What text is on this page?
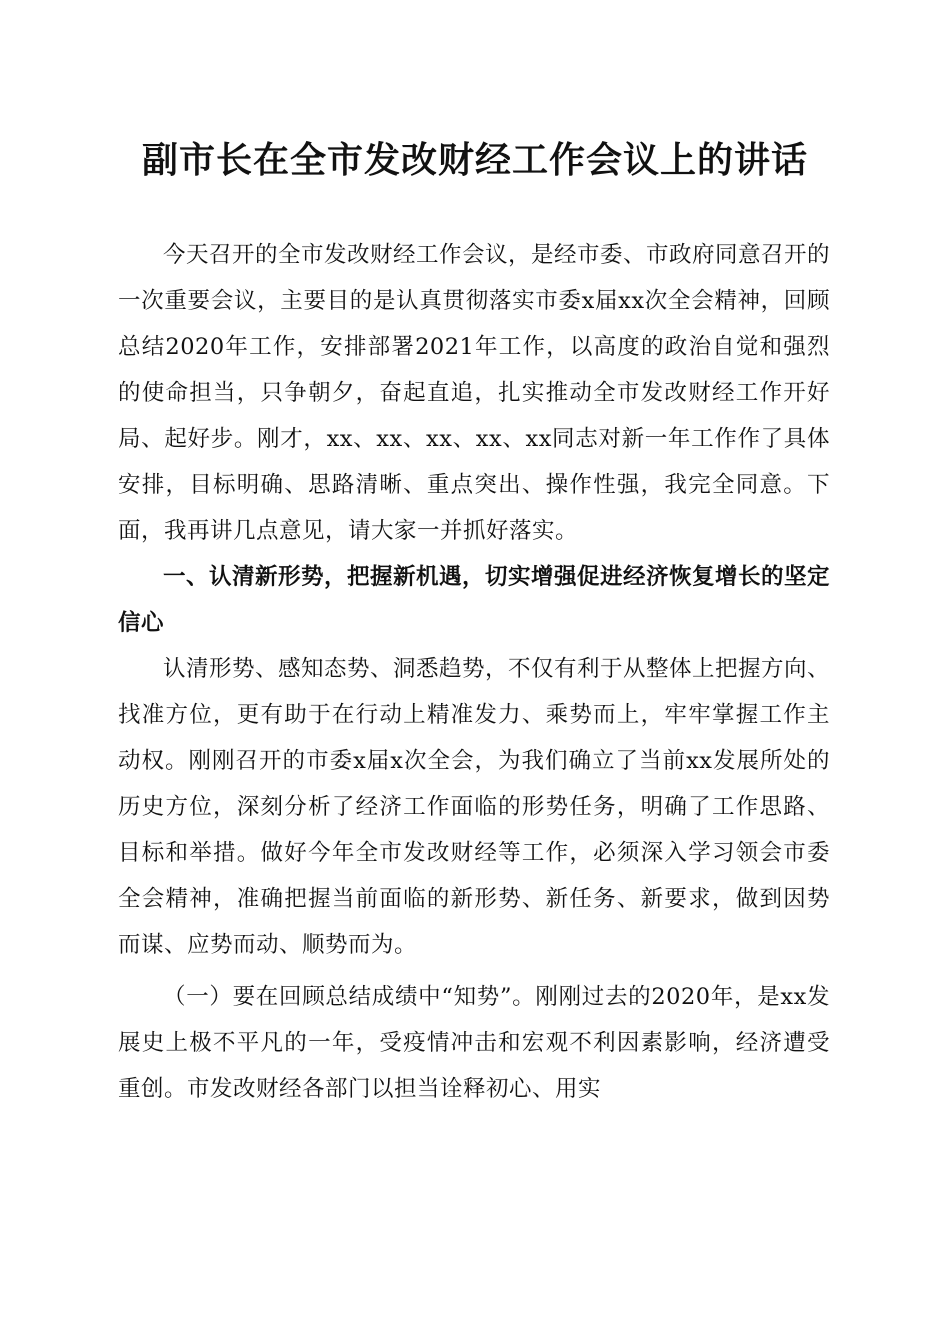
副市长在全市发改财经工作会议上的讲话

今天召开的全市发改财经工作会议，是经市委、市政府同意召开的一次重要会议，主要目的是认真贯彻落实市委x届xx次全会精神，回顾总结2020年工作，安排部署2021年工作，以高度的政治自觉和强烈的使命担当，只争朝夕，奋起直追，扎实推动全市发改财经工作开好局、起好步。刚才，xx、xx、xx、xx、xx同志对新一年工作作了具体安排，目标明确、思路清晰、重点突出、操作性强，我完全同意。下面，我再讲几点意见，请大家一并抓好落实。

一、认清新形势，把握新机遇，切实增强促进经济恢复增长的坚定信心

认清形势、感知态势、洞悉趋势，不仅有利于从整体上把握方向、找准方位，更有助于在行动上精准发力、乘势而上，牢牢掌握工作主动权。刚刚召开的市委x届x次全会，为我们确立了当前xx发展所处的历史方位，深刻分析了经济工作面临的形势任务，明确了工作思路、目标和举措。做好今年全市发改财经等工作，必须深入学习领会市委全会精神，准确把握当前面临的新形势、新任务、新要求，做到因势而谋、应势而动、顺势而为。

（一）要在回顾总结成绩中“知势”。刚刚过去的2020年，是xx发展史上极不平凡的一年，受疫情冲击和宏观不利因素影响，经济遭受重创。市发改财经各部门以担当诠释初心、用实
